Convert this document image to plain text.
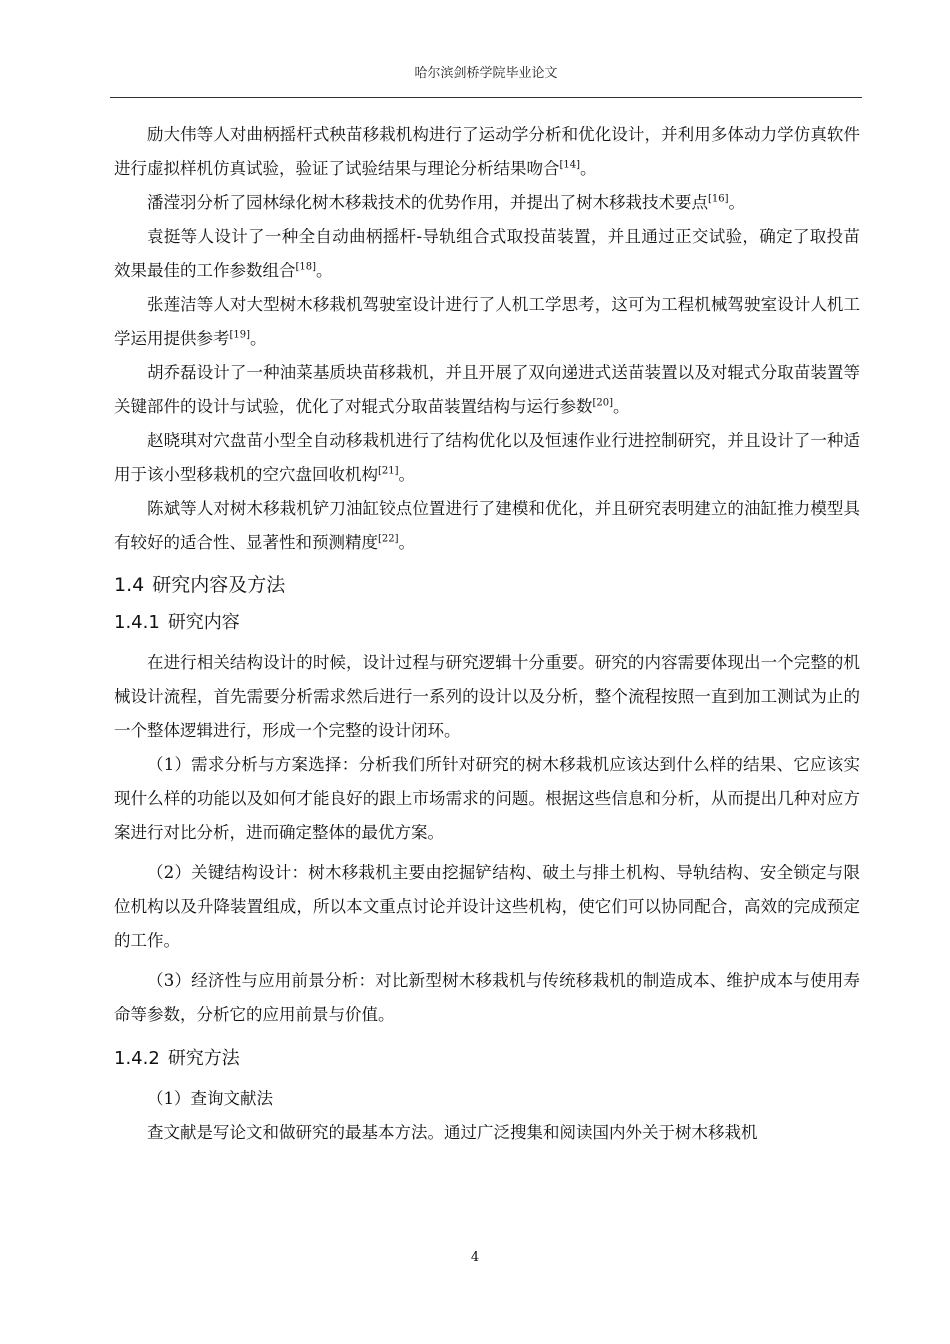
哈尔滨剑桥学院毕业论文

励大伟等人对曲柄摇杆式秧苗移栽机构进行了运动学分析和优化设计，并利用多体动力学仿真软件进行虚拟样机仿真试验，验证了试验结果与理论分析结果吻合[14]。

潘滢羽分析了园林绿化树木移栽技术的优势作用，并提出了树木移栽技术要点[16]。

袁挺等人设计了一种全自动曲柄摇杆-导轨组合式取投苗装置，并且通过正交试验，确定了取投苗效果最佳的工作参数组合[18]。

张莲洁等人对大型树木移栽机驾驶室设计进行了人机工学思考，这可为工程机械驾驶室设计人机工学运用提供参考[19]。

胡乔磊设计了一种油菜基质块苗移栽机，并且开展了双向递进式送苗装置以及对辊式分取苗装置等关键部件的设计与试验，优化了对辊式分取苗装置结构与运行参数[20]。

赵晓琪对穴盘苗小型全自动移栽机进行了结构优化以及恒速作业行进控制研究，并且设计了一种适用于该小型移栽机的空穴盘回收机构[21]。

陈斌等人对树木移栽机铲刀油缸铰点位置进行了建模和优化，并且研究表明建立的油缸推力模型具有较好的适合性、显著性和预测精度[22]。

1.4 研究内容及方法
1.4.1 研究内容

在进行相关结构设计的时候，设计过程与研究逻辑十分重要。研究的内容需要体现出一个完整的机械设计流程，首先需要分析需求然后进行一系列的设计以及分析，整个流程按照一直到加工测试为止的一个整体逻辑进行，形成一个完整的设计闭环。

（1）需求分析与方案选择：分析我们所针对研究的树木移栽机应该达到什么样的结果、它应该实现什么样的功能以及如何才能良好的跟上市场需求的问题。根据这些信息和分析，从而提出几种对应方案进行对比分析，进而确定整体的最优方案。

（2）关键结构设计：树木移栽机主要由挖掘铲结构、破土与排土机构、导轨结构、安全锁定与限位机构以及升降装置组成，所以本文重点讨论并设计这些机构，使它们可以协同配合，高效的完成预定的工作。

（3）经济性与应用前景分析：对比新型树木移栽机与传统移栽机的制造成本、维护成本与使用寿命等参数，分析它的应用前景与价值。

1.4.2 研究方法

（1）查询文献法

查文献是写论文和做研究的最基本方法。通过广泛搜集和阅读国内外关于树木移栽机

4
